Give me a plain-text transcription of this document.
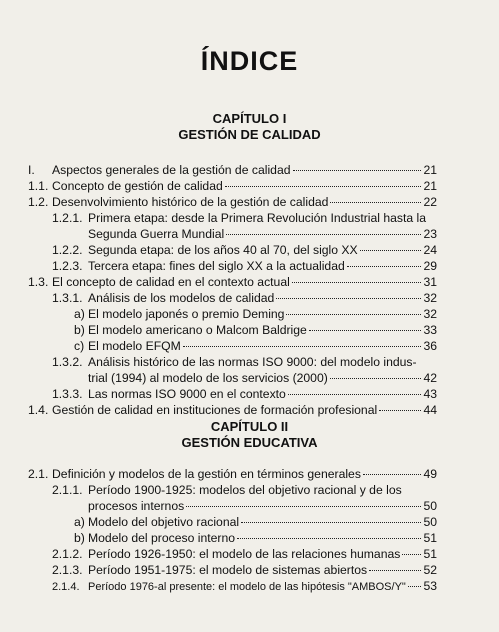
ÍNDICE
CAPÍTULO I
GESTIÓN DE CALIDAD
CAPÍTULO II
GESTIÓN EDUCATIVA
I.	Aspectos generales de la gestión de calidad	21
1.1. Concepto de gestión de calidad	21
1.2. Desenvolvimiento histórico de la gestión de calidad	22
1.2.1. Primera etapa: desde la Primera Revolución Industrial hasta la
Segunda Guerra Mundial	23
1.2.2. Segunda etapa: de los años 40 al 70, del siglo XX	24
1.2.3. Tercera etapa: fines del siglo XX a la actualidad	29
1.3. El concepto de calidad en el contexto actual	31
1.3.1. Análisis de los modelos de calidad	32
a) El modelo japonés o premio Deming	32
b) El modelo americano o Malcom Baldrige	33
c) El modelo EFQM	36
1.3.2. Análisis histórico de las normas ISO 9000: del modelo indus-
trial (1994) al modelo de los servicios (2000)	42
1.3.3. Las normas ISO 9000 en el contexto	43
1.4. Gestión de calidad en instituciones de formación profesional	44
2.1. Definición y modelos de la gestión en términos generales	49
2.1.1. Período 1900-1925: modelos del objetivo racional y de los
procesos internos	50
a) Modelo del objetivo racional	50
b) Modelo del proceso interno	51
2.1.2. Período 1926-1950: el modelo de las relaciones humanas 51
2.1.3. Período 1951-1975: el modelo de sistemas abiertos	52
2.1.4. Período 1976-al presente: el modelo de las hipótesis "AMBOS/Y" 53
